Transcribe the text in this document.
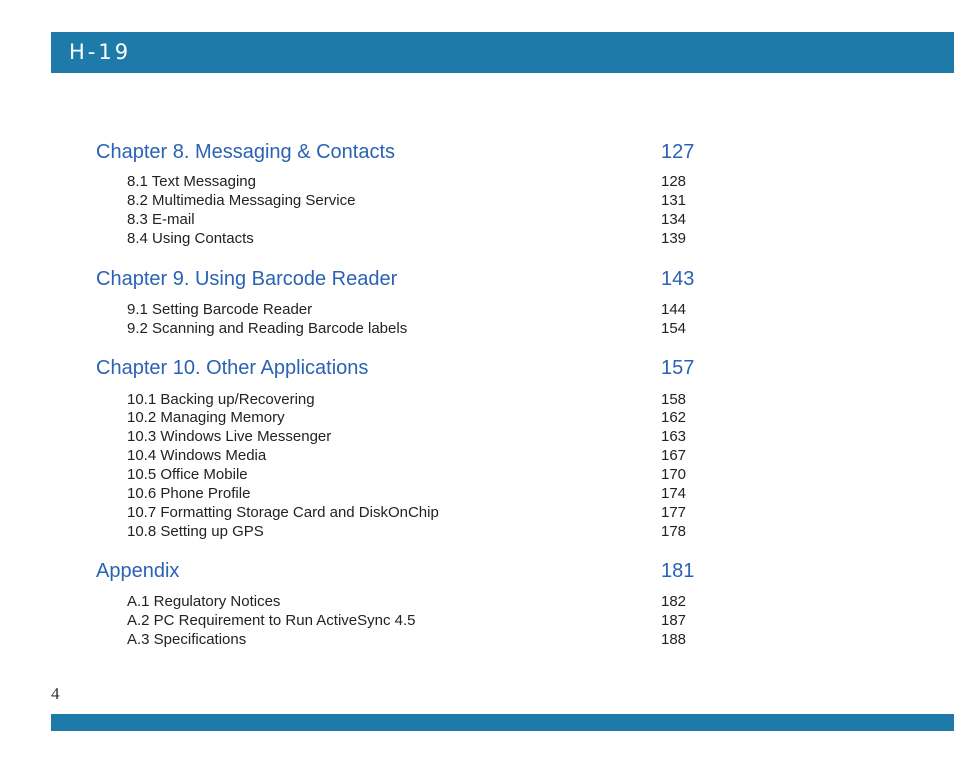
H-19
Chapter 8. Messaging & Contacts	127
8.1 Text Messaging	128
8.2 Multimedia Messaging Service	131
8.3 E-mail	134
8.4 Using Contacts	139
Chapter 9. Using Barcode Reader	143
9.1 Setting Barcode Reader	144
9.2 Scanning and Reading Barcode labels	154
Chapter 10. Other Applications	157
10.1 Backing up/Recovering	158
10.2 Managing Memory	162
10.3 Windows Live Messenger	163
10.4 Windows Media	167
10.5 Office Mobile	170
10.6 Phone Profile	174
10.7 Formatting Storage Card and DiskOnChip	177
10.8 Setting up GPS	178
Appendix	181
A.1 Regulatory Notices	182
A.2 PC Requirement to Run ActiveSync 4.5	187
A.3 Specifications	188
4
